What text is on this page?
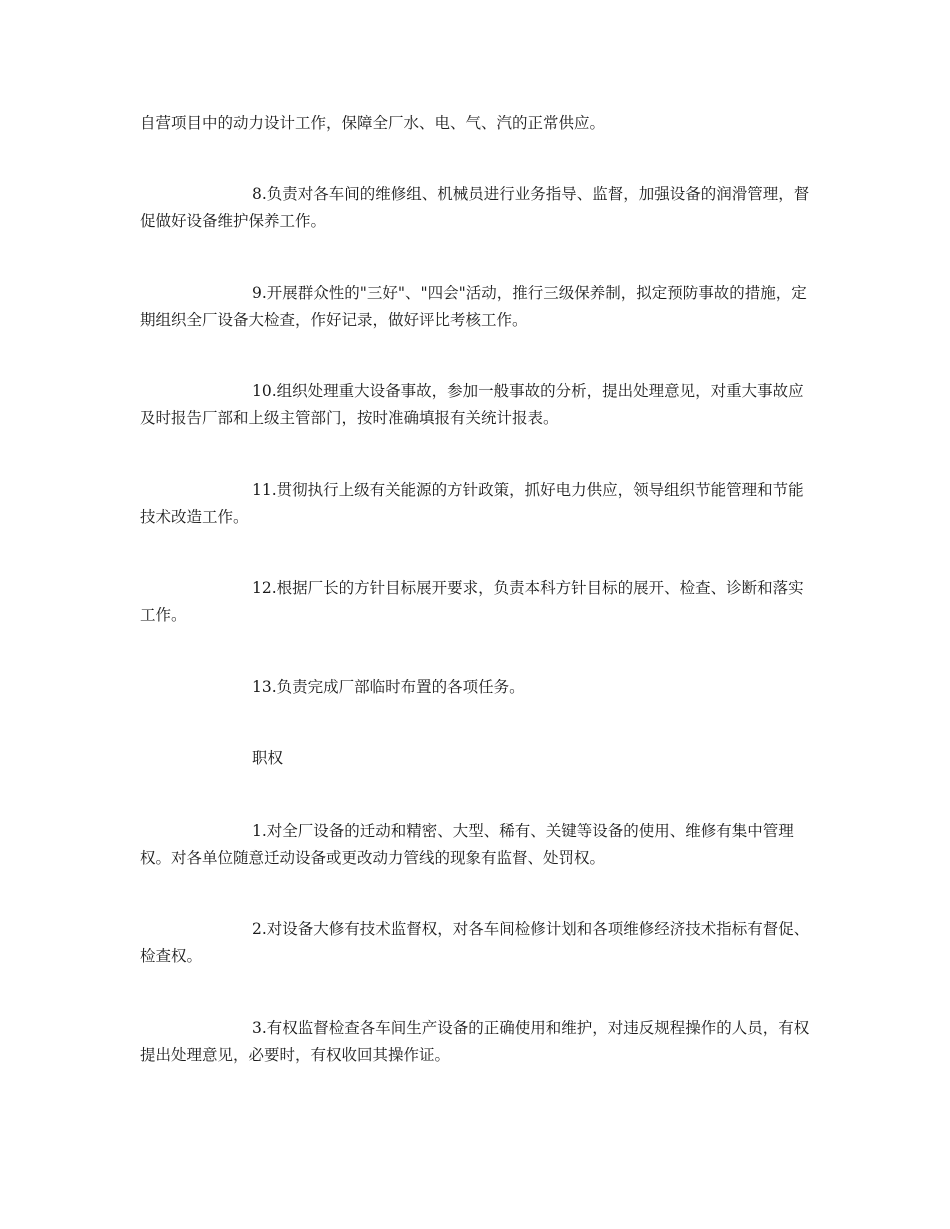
自营项目中的动力设计工作，保障全厂水、电、气、汽的正常供应。

8.负责对各车间的维修组、机械员进行业务指导、监督，加强设备的润滑管理，督促做好设备维护保养工作。

9.开展群众性的"三好"、"四会"活动，推行三级保养制，拟定预防事故的措施，定期组织全厂设备大检查，作好记录，做好评比考核工作。

10.组织处理重大设备事故，参加一般事故的分析，提出处理意见，对重大事故应及时报告厂部和上级主管部门，按时准确填报有关统计报表。

11.贯彻执行上级有关能源的方针政策，抓好电力供应，领导组织节能管理和节能技术改造工作。

12.根据厂长的方针目标展开要求，负责本科方针目标的展开、检查、诊断和落实工作。

13.负责完成厂部临时布置的各项任务。

职权

1.对全厂设备的迁动和精密、大型、稀有、关键等设备的使用、维修有集中管理权。对各单位随意迁动设备或更改动力管线的现象有监督、处罚权。

2.对设备大修有技术监督权，对各车间检修计划和各项维修经济技术指标有督促、检查权。

3.有权监督检查各车间生产设备的正确使用和维护，对违反规程操作的人员，有权提出处理意见，必要时，有权收回其操作证。
